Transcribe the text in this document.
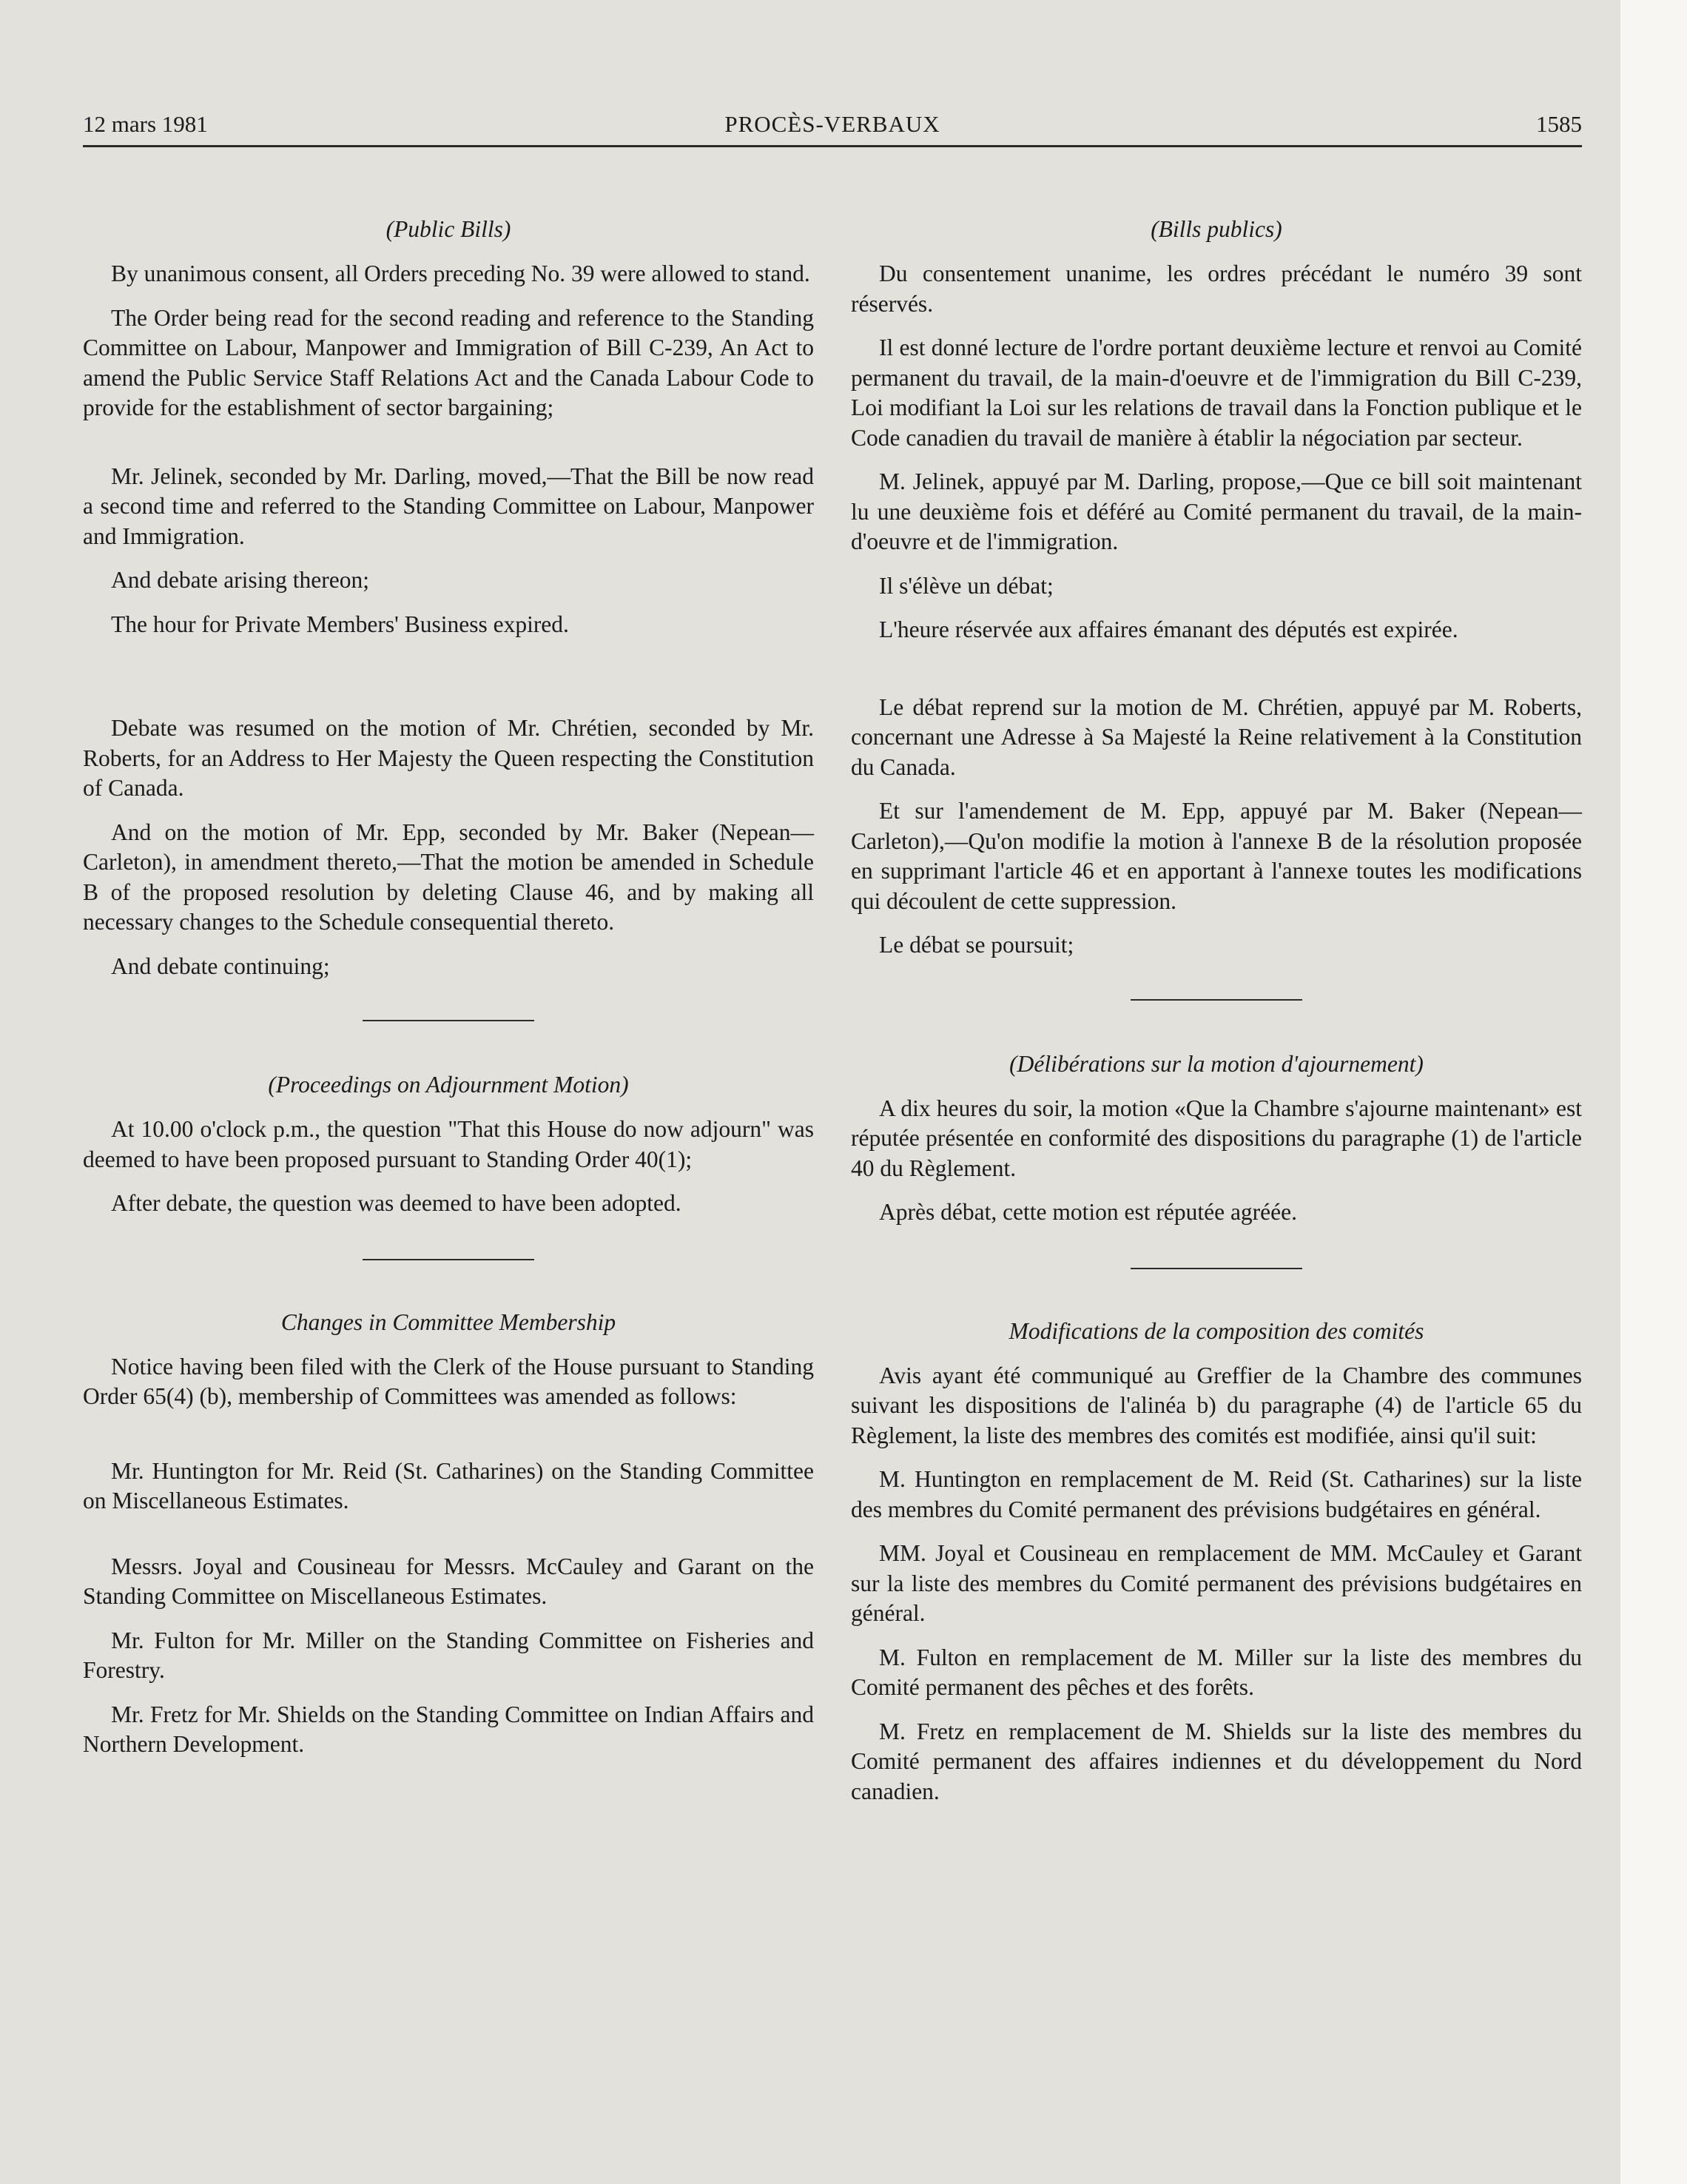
12 mars 1981	PROCÈS-VERBAUX	1585
(Public Bills)

By unanimous consent, all Orders preceding No. 39 were allowed to stand.

The Order being read for the second reading and reference to the Standing Committee on Labour, Manpower and Immigration of Bill C-239, An Act to amend the Public Service Staff Relations Act and the Canada Labour Code to provide for the establishment of sector bargaining;

Mr. Jelinek, seconded by Mr. Darling, moved,—That the Bill be now read a second time and referred to the Standing Committee on Labour, Manpower and Immigration.

And debate arising thereon;

The hour for Private Members' Business expired.

Debate was resumed on the motion of Mr. Chrétien, seconded by Mr. Roberts, for an Address to Her Majesty the Queen respecting the Constitution of Canada.

And on the motion of Mr. Epp, seconded by Mr. Baker (Nepean—Carleton), in amendment thereto,—That the motion be amended in Schedule B of the proposed resolution by deleting Clause 46, and by making all necessary changes to the Schedule consequential thereto.

And debate continuing;

(Proceedings on Adjournment Motion)

At 10.00 o'clock p.m., the question "That this House do now adjourn" was deemed to have been proposed pursuant to Standing Order 40(1);

After debate, the question was deemed to have been adopted.

Changes in Committee Membership

Notice having been filed with the Clerk of the House pursuant to Standing Order 65(4) (b), membership of Committees was amended as follows:

Mr. Huntington for Mr. Reid (St. Catharines) on the Standing Committee on Miscellaneous Estimates.

Messrs. Joyal and Cousineau for Messrs. McCauley and Garant on the Standing Committee on Miscellaneous Estimates.

Mr. Fulton for Mr. Miller on the Standing Committee on Fisheries and Forestry.

Mr. Fretz for Mr. Shields on the Standing Committee on Indian Affairs and Northern Development.

(Bills publics)

Du consentement unanime, les ordres précédant le numéro 39 sont réservés.

Il est donné lecture de l'ordre portant deuxième lecture et renvoi au Comité permanent du travail, de la main-d'oeuvre et de l'immigration du Bill C-239, Loi modifiant la Loi sur les relations de travail dans la Fonction publique et le Code canadien du travail de manière à établir la négociation par secteur.

M. Jelinek, appuyé par M. Darling, propose,—Que ce bill soit maintenant lu une deuxième fois et déféré au Comité permanent du travail, de la main-d'oeuvre et de l'immigration.

Il s'élève un débat;

L'heure réservée aux affaires émanant des députés est expirée.

Le débat reprend sur la motion de M. Chrétien, appuyé par M. Roberts, concernant une Adresse à Sa Majesté la Reine relativement à la Constitution du Canada.

Et sur l'amendement de M. Epp, appuyé par M. Baker (Nepean—Carleton),—Qu'on modifie la motion à l'annexe B de la résolution proposée en supprimant l'article 46 et en apportant à l'annexe toutes les modifications qui découlent de cette suppression.

Le débat se poursuit;

(Délibérations sur la motion d'ajournement)

A dix heures du soir, la motion «Que la Chambre s'ajourne maintenant» est réputée présentée en conformité des dispositions du paragraphe (1) de l'article 40 du Règlement.

Après débat, cette motion est réputée agréée.

Modifications de la composition des comités

Avis ayant été communiqué au Greffier de la Chambre des communes suivant les dispositions de l'alinéa b) du paragraphe (4) de l'article 65 du Règlement, la liste des membres des comités est modifiée, ainsi qu'il suit:

M. Huntington en remplacement de M. Reid (St. Catharines) sur la liste des membres du Comité permanent des prévisions budgétaires en général.

MM. Joyal et Cousineau en remplacement de MM. McCauley et Garant sur la liste des membres du Comité permanent des prévisions budgétaires en général.

M. Fulton en remplacement de M. Miller sur la liste des membres du Comité permanent des pêches et des forêts.

M. Fretz en remplacement de M. Shields sur la liste des membres du Comité permanent des affaires indiennes et du développement du Nord canadien.
